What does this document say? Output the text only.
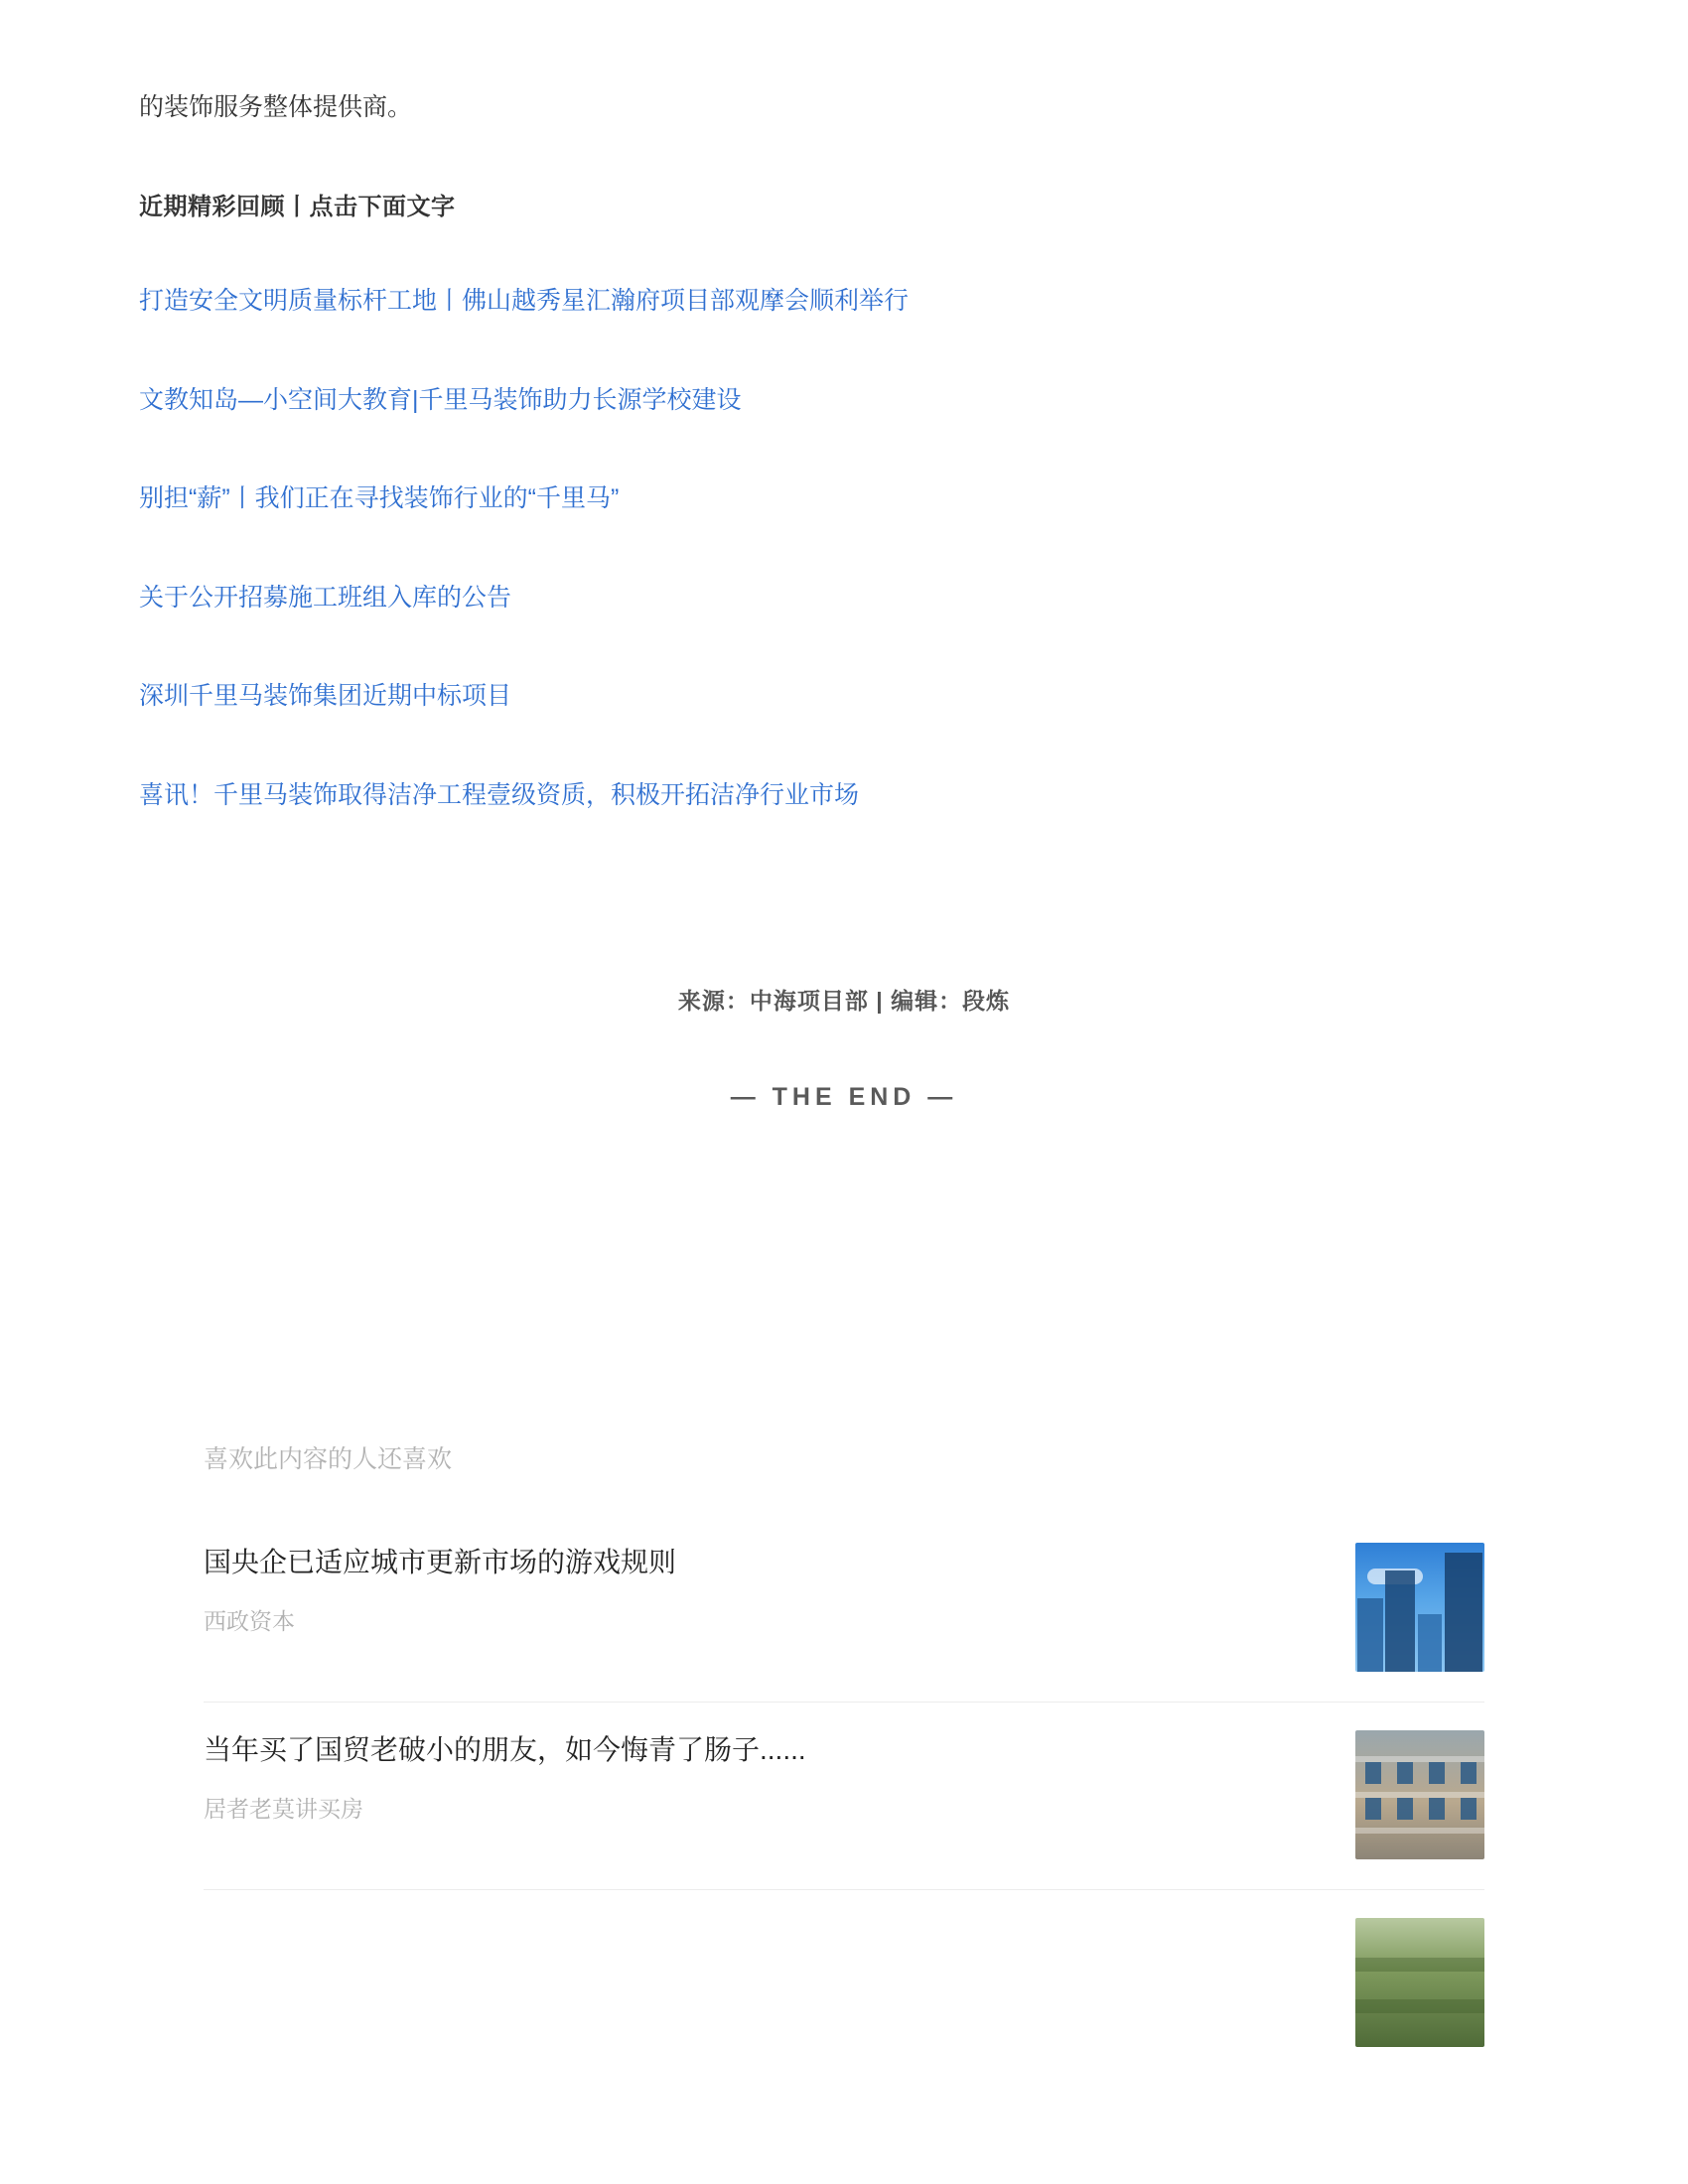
的装饰服务整体提供商。

近期精彩回顾丨点击下面文字

打造安全文明质量标杆工地丨佛山越秀星汇瀚府项目部观摩会顺利举行
文教知岛—小空间大教育|千里马装饰助力长源学校建设
别担“薪”丨我们正在寻找装饰行业的“千里马”
关于公开招募施工班组入库的公告
深圳千里马装饰集团近期中标项目
喜讯！千里马装饰取得洁净工程壹级资质，积极开拓洁净行业市场
来源：中海项目部 | 编辑：段炼
— THE END —
喜欢此内容的人还喜欢
国央企已适应城市更新市场的游戏规则
西政资本
当年买了国贸老破小的朋友，如今悔青了肠子......
居者老莫讲买房
